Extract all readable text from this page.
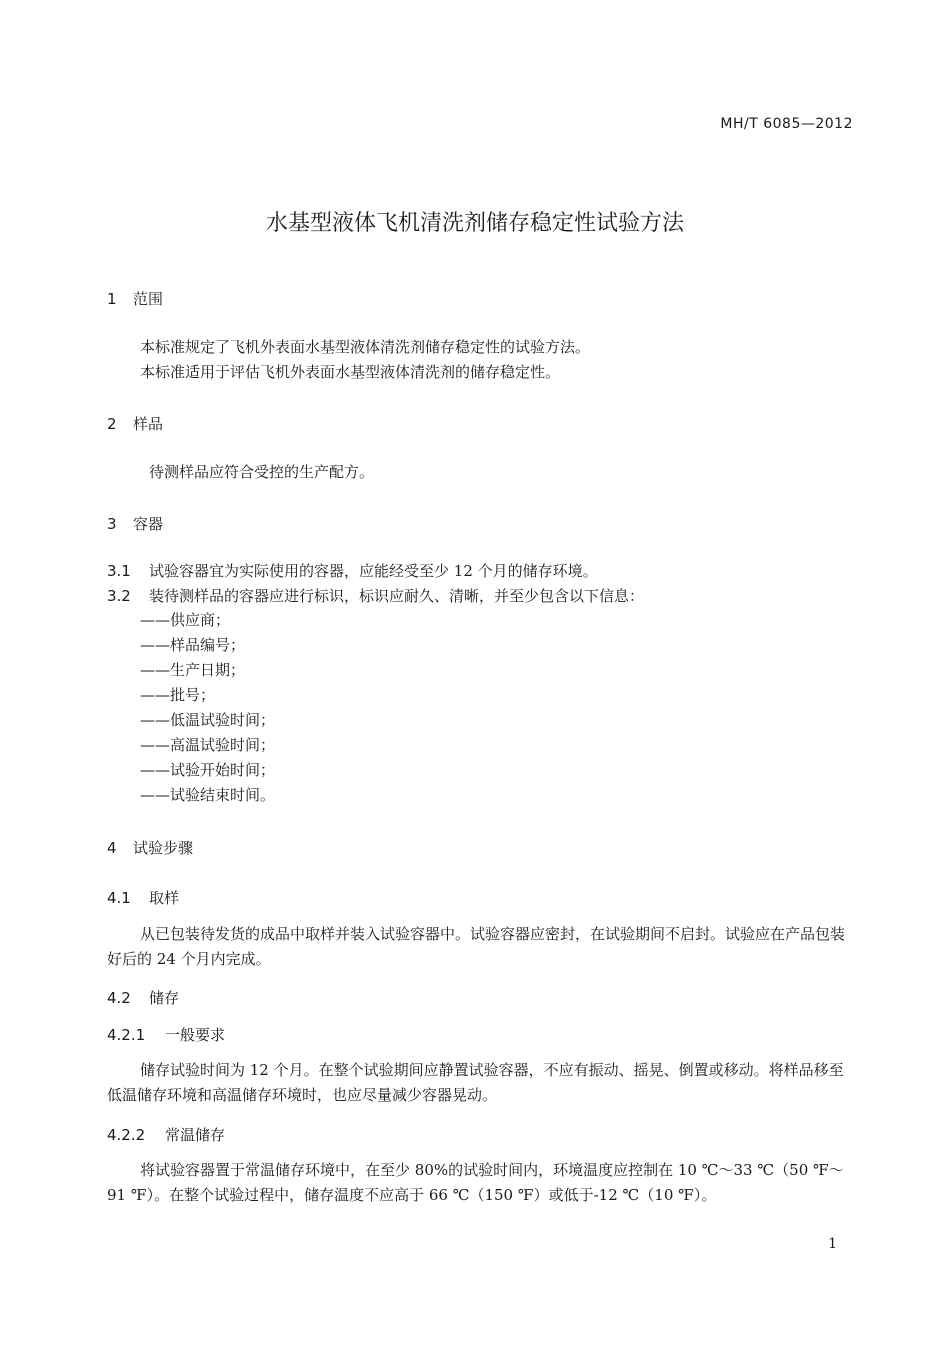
MH/T 6085—2012
水基型液体飞机清洗剂储存稳定性试验方法
1 范围
本标准规定了飞机外表面水基型液体清洗剂储存稳定性的试验方法。
本标准适用于评估飞机外表面水基型液体清洗剂的储存稳定性。
2 样品
待测样品应符合受控的生产配方。
3 容器
3.1 试验容器宜为实际使用的容器，应能经受至少 12 个月的储存环境。
3.2 装待测样品的容器应进行标识，标识应耐久、清晰，并至少包含以下信息：
——供应商；
——样品编号；
——生产日期；
——批号；
——低温试验时间；
——高温试验时间；
——试验开始时间；
——试验结束时间。
4 试验步骤
4.1 取样
从已包装待发货的成品中取样并装入试验容器中。试验容器应密封，在试验期间不启封。试验应在产品包装好后的 24 个月内完成。
4.2 储存
4.2.1 一般要求
储存试验时间为 12 个月。在整个试验期间应静置试验容器，不应有振动、摇晃、倒置或移动。将样品移至低温储存环境和高温储存环境时，也应尽量减少容器晃动。
4.2.2 常温储存
将试验容器置于常温储存环境中，在至少 80%的试验时间内，环境温度应控制在 10 ℃～33 ℃（50 ℉～91 ℉）。在整个试验过程中，储存温度不应高于 66 ℃（150 ℉）或低于-12 ℃（10 ℉）。
1
